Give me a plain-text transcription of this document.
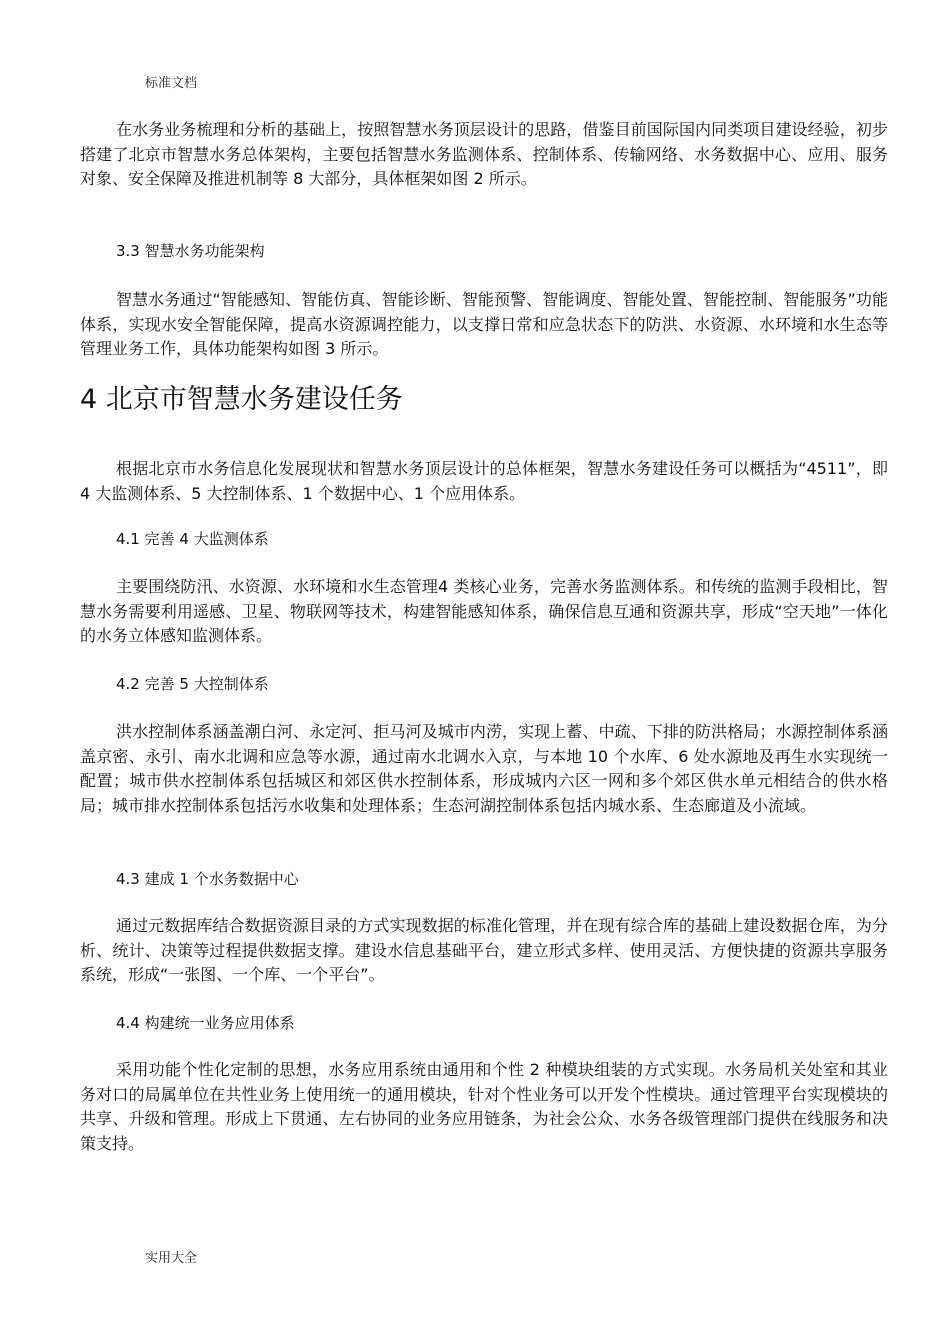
标准文档

在水务业务梳理和分析的基础上，按照智慧水务顶层设计的思路，借鉴目前国际国内同类项目建设经验，初步搭建了北京市智慧水务总体架构，主要包括智慧水务监测体系、控制体系、传输网络、水务数据中心、应用、服务对象、安全保障及推进机制等 8 大部分，具体框架如图 2 所示。

3.3 智慧水务功能架构

智慧水务通过“智能感知、智能仿真、智能诊断、智能预警、智能调度、智能处置、智能控制、智能服务”功能体系，实现水安全智能保障，提高水资源调控能力，以支撑日常和应急状态下的防洪、水资源、水环境和水生态等管理业务工作，具体功能架构如图 3 所示。

4 北京市智慧水务建设任务

根据北京市水务信息化发展现状和智慧水务顶层设计的总体框架，智慧水务建设任务可以概括为“4511”，即 4 大监测体系、5 大控制体系、1 个数据中心、1 个应用体系。

4.1 完善 4 大监测体系

主要围绕防汛、水资源、水环境和水生态管理4 类核心业务，完善水务监测体系。和传统的监测手段相比，智慧水务需要利用遥感、卫星、物联网等技术，构建智能感知体系，确保信息互通和资源共享，形成“空天地”一体化的水务立体感知监测体系。

4.2 完善 5 大控制体系

洪水控制体系涵盖潮白河、永定河、拒马河及城市内涝，实现上蓄、中疏、下排的防洪格局；水源控制体系涵盖京密、永引、南水北调和应急等水源，通过南水北调水入京，与本地 10 个水库、6 处水源地及再生水实现统一配置；城市供水控制体系包括城区和郊区供水控制体系，形成城内六区一网和多个郊区供水单元相结合的供水格局；城市排水控制体系包括污水收集和处理体系；生态河湖控制体系包括内城水系、生态廊道及小流域。

4.3 建成 1 个水务数据中心

通过元数据库结合数据资源目录的方式实现数据的标准化管理，并在现有综合库的基础上建设数据仓库，为分析、统计、决策等过程提供数据支撑。建设水信息基础平台，建立形式多样、使用灵活、方便快捷的资源共享服务系统，形成“一张图、一个库、一个平台”。

4.4 构建统一业务应用体系

采用功能个性化定制的思想，水务应用系统由通用和个性 2 种模块组装的方式实现。水务局机关处室和其业务对口的局属单位在共性业务上使用统一的通用模块，针对个性业务可以开发个性模块。通过管理平台实现模块的共享、升级和管理。形成上下贯通、左右协同的业务应用链条，为社会公众、水务各级管理部门提供在线服务和决策支持。

实用大全
